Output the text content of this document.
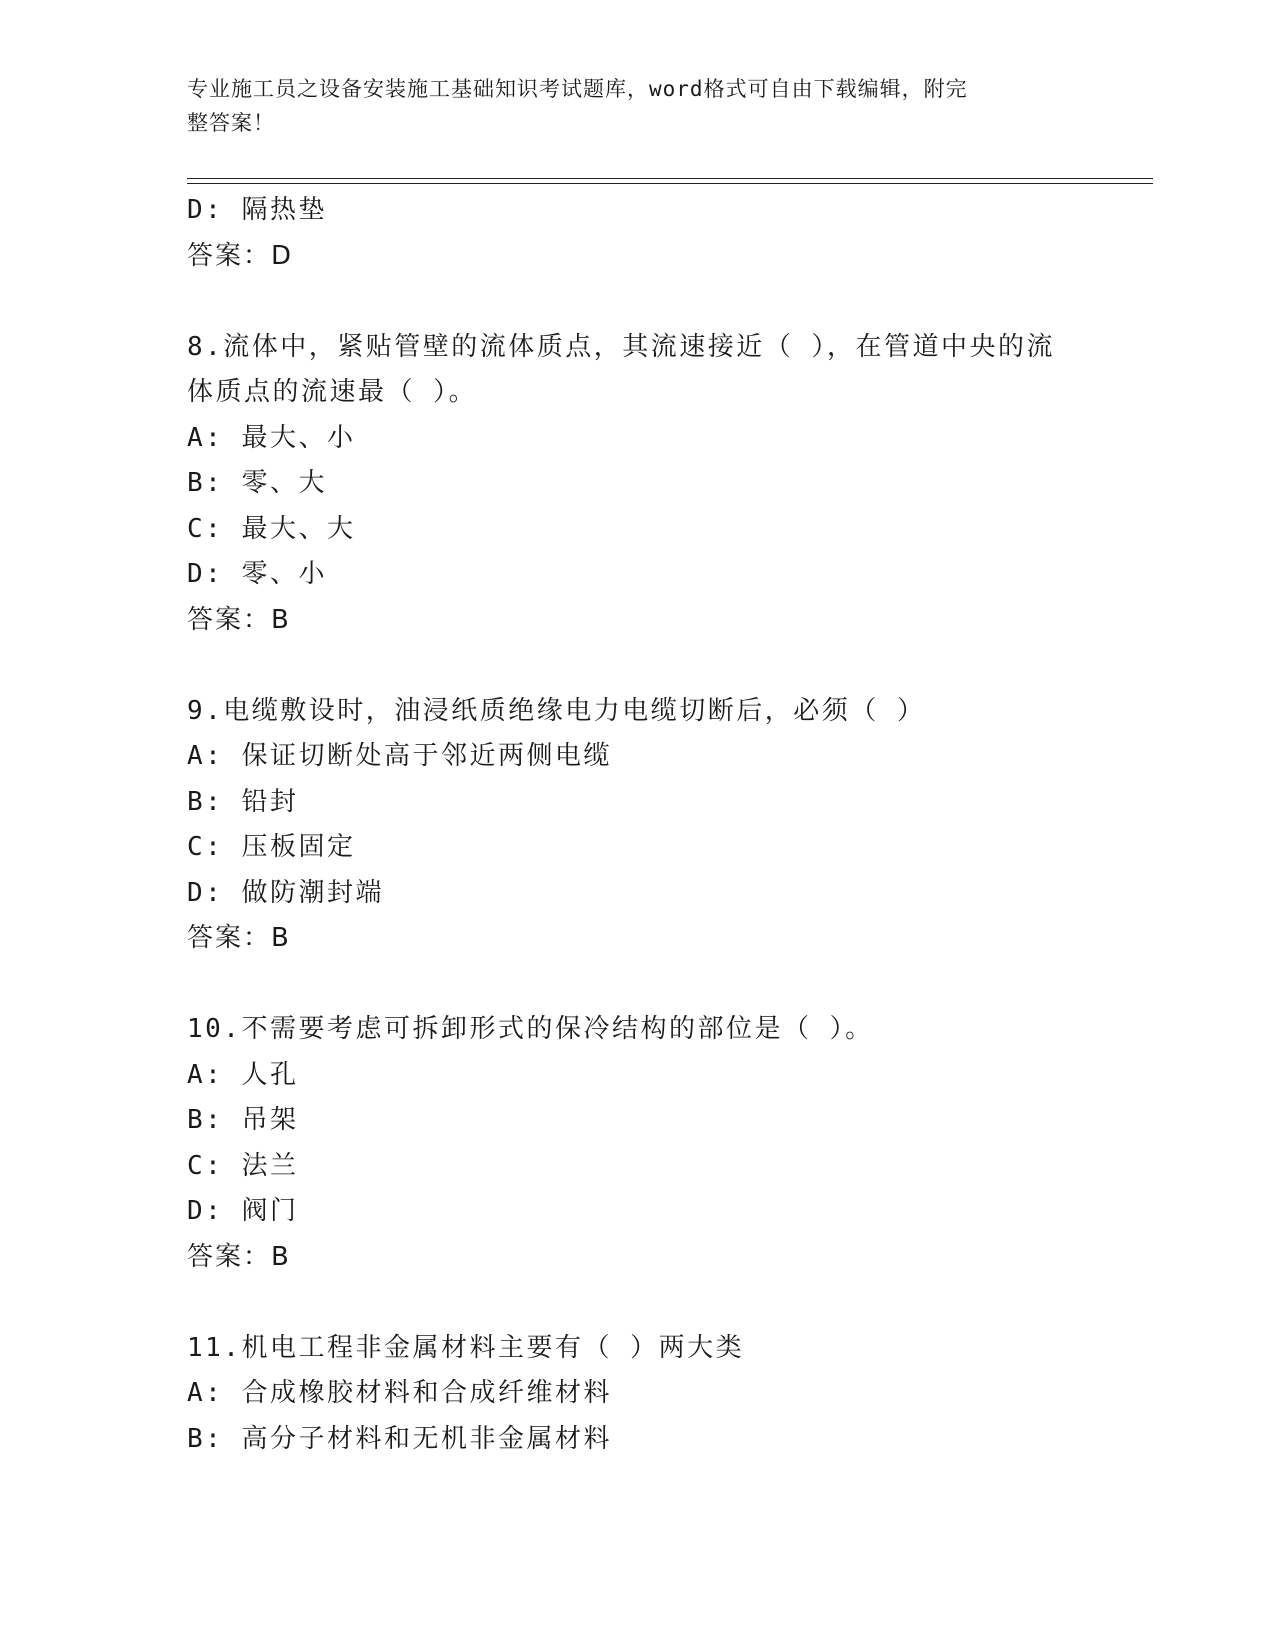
专业施工员之设备安装施工基础知识考试题库，word格式可自由下载编辑，附完
整答案！
D: 隔热垫
答案：D
8.流体中，紧贴管壁的流体质点，其流速接近（ ），在管道中央的流
体质点的流速最（ ）。
A: 最大、小
B: 零、大
C: 最大、大
D: 零、小
答案：B
9.电缆敷设时，油浸纸质绝缘电力电缆切断后，必须（ ）
A: 保证切断处高于邻近两侧电缆
B: 铅封
C: 压板固定
D: 做防潮封端
答案：B
10.不需要考虑可拆卸形式的保冷结构的部位是（ ）。
A: 人孔
B: 吊架
C: 法兰
D: 阀门
答案：B
11.机电工程非金属材料主要有（ ）两大类
A: 合成橡胶材料和合成纤维材料
B: 高分子材料和无机非金属材料
